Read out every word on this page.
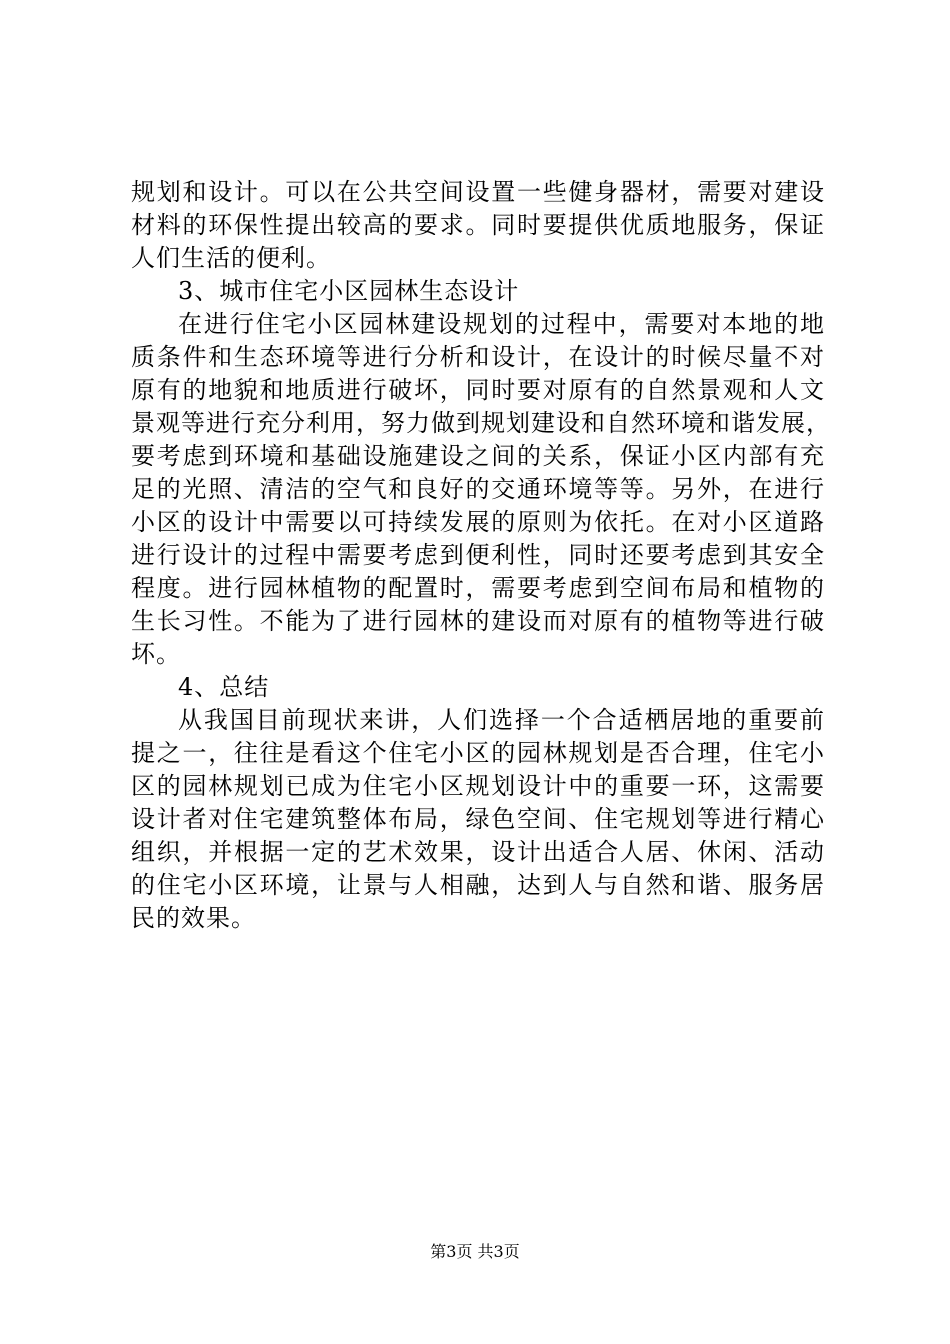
规划和设计。可以在公共空间设置一些健身器材，需要对建设
材料的环保性提出较高的要求。同时要提供优质地服务，保证
人们生活的便利。
3、城市住宅小区园林生态设计
在进行住宅小区园林建设规划的过程中，需要对本地的地
质条件和生态环境等进行分析和设计，在设计的时候尽量不对
原有的地貌和地质进行破坏，同时要对原有的自然景观和人文
景观等进行充分利用，努力做到规划建设和自然环境和谐发展，
要考虑到环境和基础设施建设之间的关系，保证小区内部有充
足的光照、清洁的空气和良好的交通环境等等。另外，在进行
小区的设计中需要以可持续发展的原则为依托。在对小区道路
进行设计的过程中需要考虑到便利性，同时还要考虑到其安全
程度。进行园林植物的配置时，需要考虑到空间布局和植物的
生长习性。不能为了进行园林的建设而对原有的植物等进行破
坏。
4、总结
从我国目前现状来讲，人们选择一个合适栖居地的重要前
提之一，往往是看这个住宅小区的园林规划是否合理，住宅小
区的园林规划已成为住宅小区规划设计中的重要一环，这需要
设计者对住宅建筑整体布局，绿色空间、住宅规划等进行精心
组织，并根据一定的艺术效果，设计出适合人居、休闲、活动
的住宅小区环境，让景与人相融，达到人与自然和谐、服务居
民的效果。
第3页 共3页
